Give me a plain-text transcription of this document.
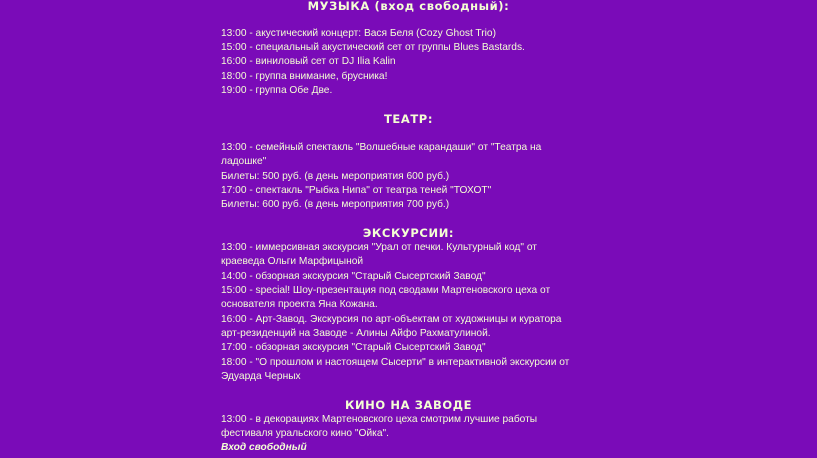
МУЗЫКА (вход свободный):
13:00 - акустический концерт: Вася Беля (Cozy Ghost Trio)
15:00 - специальный акустический сет от группы Blues Bastards.
16:00 - виниловый сет от DJ Ilia Kalin
18:00 - группа внимание, брусника!
19:00 - группа Обе Две.
ТЕАТР:
13:00 - семейный спектакль "Волшебные карандаши" от "Театра на
ладошке"
Билеты: 500 руб. (в день мероприятия 600 руб.)
17:00 - спектакль "Рыбка Нипа" от театра теней "ТОХОТ"
Билеты: 600 руб. (в день мероприятия 700 руб.)
ЭКСКУРСИИ:
13:00 - иммерсивная экскурсия "Урал от печки. Культурный код" от
краеведа Ольги Марфицыной
14:00 - обзорная экскурсия "Старый Сысертский Завод"
15:00 - special! Шоу-презентация под сводами Мартеновского цеха от
основателя проекта Яна Кожана.
16:00 - Арт-Завод. Экскурсия по арт-объектам от художницы и куратора
арт-резиденций на Заводе - Алины Айфо Рахматулиной.
17:00 - обзорная экскурсия "Старый Сысертский Завод"
18:00 - "О прошлом и настоящем Сысерти" в интерактивной экскурсии от
Эдуарда Черных
КИНО НА ЗАВОДЕ
13:00 - в декорациях Мартеновского цеха смотрим лучшие работы
фестиваля уральского кино "Ойка".
Вход свободный
